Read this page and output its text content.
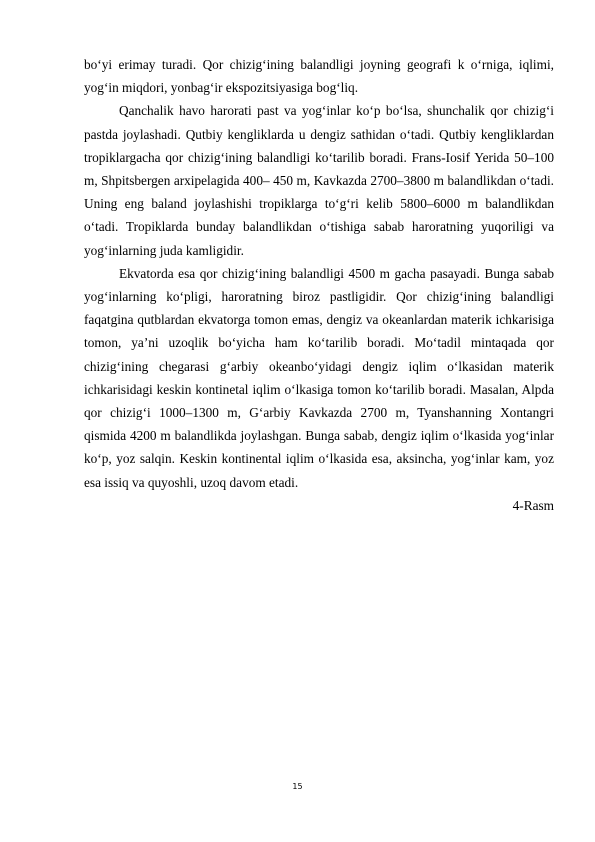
bo‘yi erimay turadi. Qor chizig‘ining balandligi joyning geografi k o‘rniga, iqlimi, yog‘in miqdori, yonbag‘ir ekspozitsiyasiga bog‘liq.

Qanchalik havo harorati past va yog‘inlar ko‘p bo‘lsa, shunchalik qor chizig‘i pastda joylashadi. Qutbiy kengliklarda u dengiz sathidan o‘tadi. Qutbiy kengliklardan tropiklargacha qor chizig‘ining balandligi ko‘tarilib boradi. Frans-Iosif Yerida 50–100 m, Shpitsbergen arxipelagida 400– 450 m, Kavkazda 2700–3800 m balandlikdan o‘tadi. Uning eng baland joylashishi tropiklarga to‘g‘ri kelib 5800–6000 m balandlikdan o‘tadi. Tropiklarda bunday balandlikdan o‘tishiga sabab haroratning yuqoriligi va yog‘inlarning juda kamligidir.

Ekvatorda esa qor chizig‘ining balandligi 4500 m gacha pasayadi. Bunga sabab yog‘inlarning ko‘pligi, haroratning biroz pastligidir. Qor chizig‘ining balandligi faqatgina qutblardan ekvatorga tomon emas, dengiz va okeanlardan materik ichkarisiga tomon, ya’ni uzoqlik bo‘yicha ham ko‘tarilib boradi. Mo‘tadil mintaqada qor chizig‘ining chegarasi g‘arbiy okeanbo‘yidagi dengiz iqlim o‘lkasidan materik ichkarisidagi keskin kontinetal iqlim o‘lkasiga tomon ko‘tarilib boradi. Masalan, Alpda qor chizig‘i 1000–1300 m, G‘arbiy Kavkazda 2700 m, Tyanshanning Xontangri qismida 4200 m balandlikda joylashgan. Bunga sabab, dengiz iqlim o‘lkasida yog‘inlar ko‘p, yoz salqin. Keskin kontinental iqlim o‘lkasida esa, aksincha, yog‘inlar kam, yoz esa issiq va quyoshli, uzoq davom etadi.

4-Rasm

15
